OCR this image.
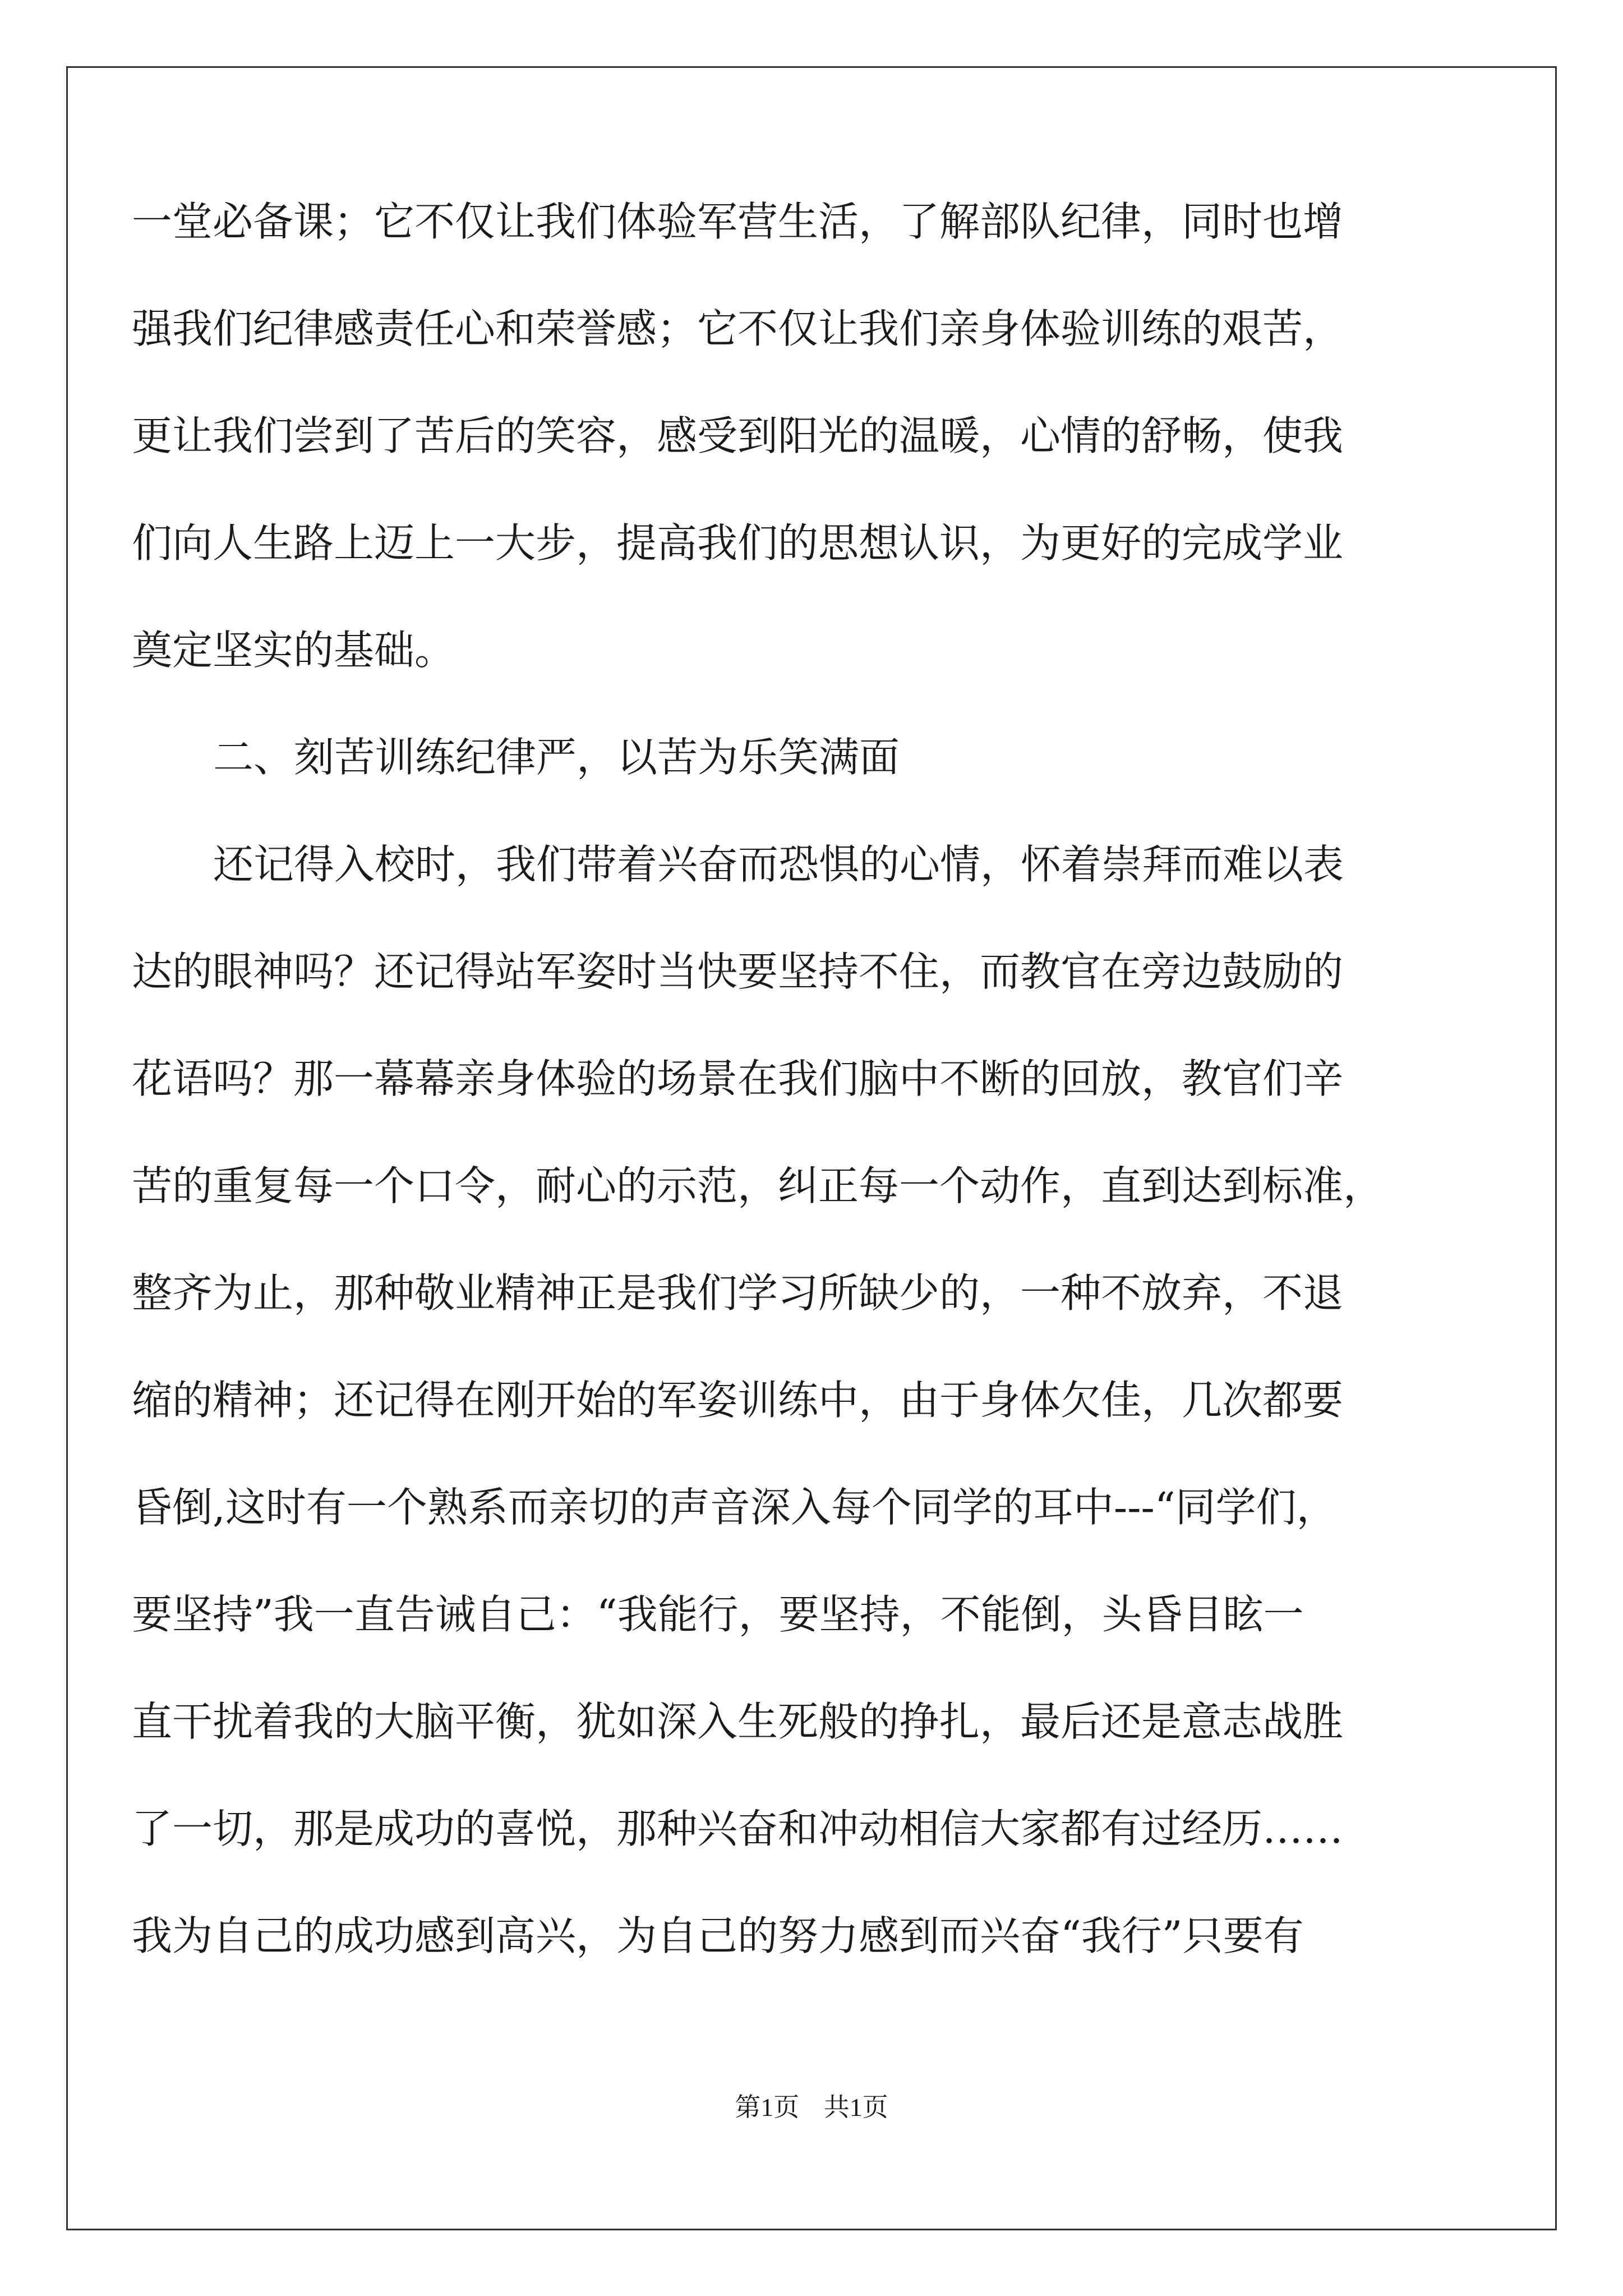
一堂必备课；它不仅让我们体验军营生活，了解部队纪律，同时也增

强我们纪律感责任心和荣誉感；它不仅让我们亲身体验训练的艰苦，

更让我们尝到了苦后的笑容，感受到阳光的温暖，心情的舒畅，使我

们向人生路上迈上一大步，提高我们的思想认识，为更好的完成学业

奠定坚实的基础。

二、刻苦训练纪律严，以苦为乐笑满面

还记得入校时，我们带着兴奋而恐惧的心情，怀着崇拜而难以表

达的眼神吗？还记得站军姿时当快要坚持不住，而教官在旁边鼓励的

花语吗？那一幕幕亲身体验的场景在我们脑中不断的回放，教官们辛

苦的重复每一个口令，耐心的示范，纠正每一个动作，直到达到标准，

整齐为止，那种敬业精神正是我们学习所缺少的，一种不放弃，不退

缩的精神；还记得在刚开始的军姿训练中，由于身体欠佳，几次都要

昏倒,这时有一个熟系而亲切的声音深入每个同学的耳中---“同学们，

要坚持”我一直告诫自己：“我能行，要坚持，不能倒，头昏目眩一

直干扰着我的大脑平衡，犹如深入生死般的挣扎，最后还是意志战胜

了一切，那是成功的喜悦，那种兴奋和冲动相信大家都有过经历……

我为自己的成功感到高兴，为自己的努力感到而兴奋“我行”只要有

第1页 共1页
